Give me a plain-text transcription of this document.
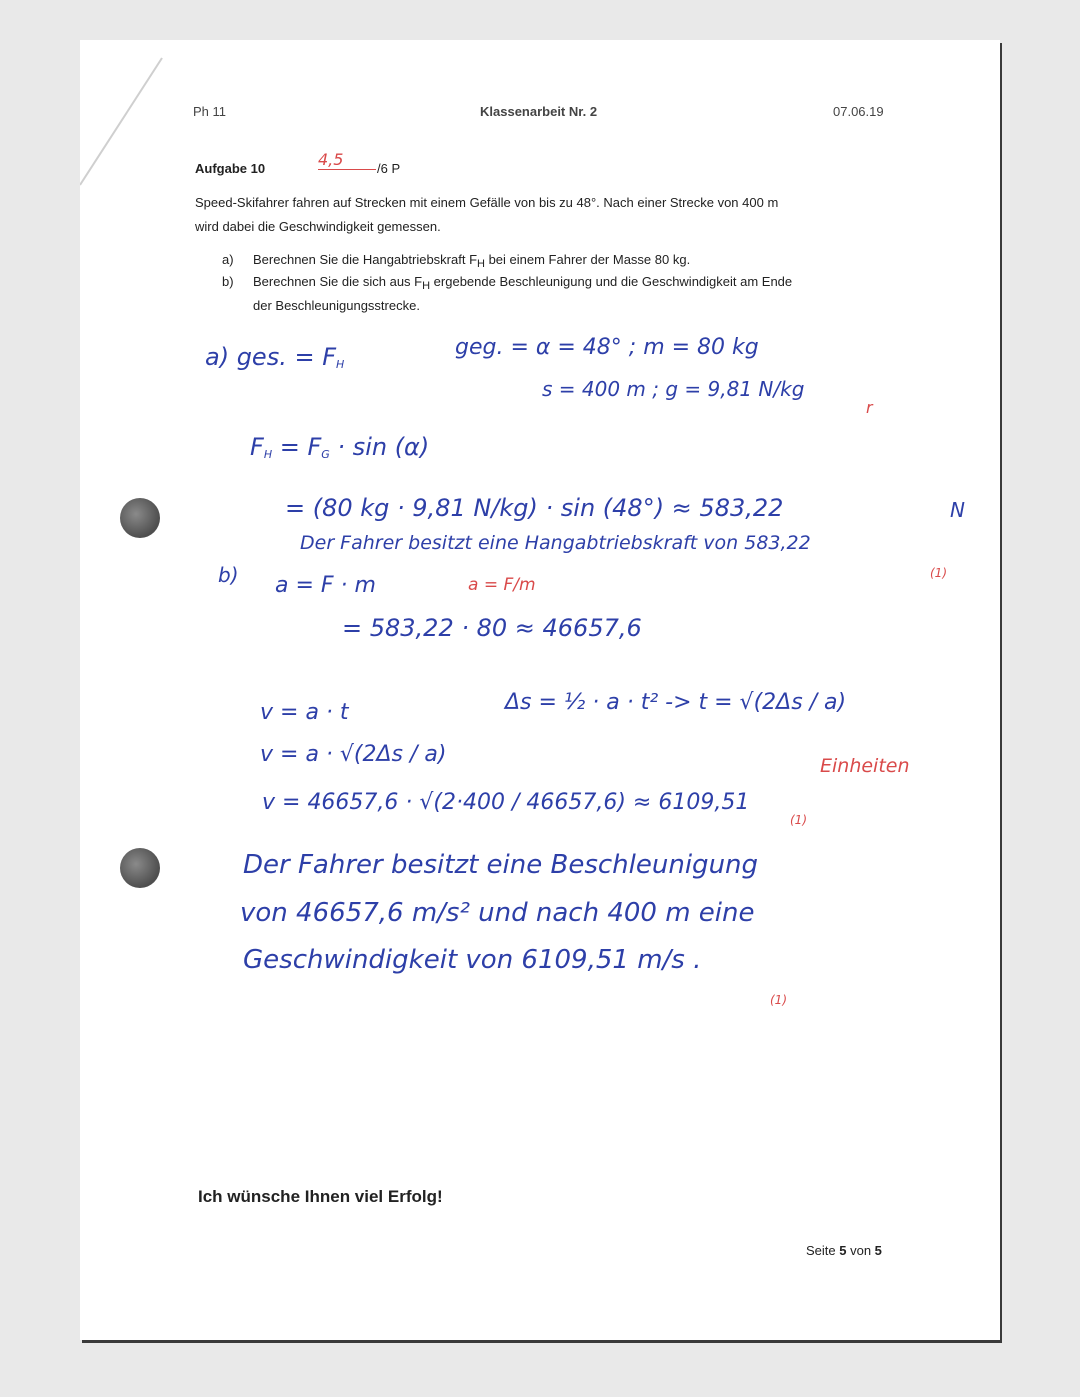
Ph 11	Klassenarbeit Nr. 2	07.06.19
Aufgabe 10	4,5	/6 P
Speed-Skifahrer fahren auf Strecken mit einem Gefälle von bis zu 48°. Nach einer Strecke von 400 m
wird dabei die Geschwindigkeit gemessen.
a) Berechnen Sie die Hangabtriebskraft $F_H$ bei einem Fahrer der Masse 80 kg.
b) Berechnen Sie die sich aus $F_H$ ergebende Beschleunigung und die Geschwindigkeit am Ende
der Beschleunigungsstrecke.
a) ges. = $F_H$
geg. = α = 48° ; m = 80 kg
s = 400 m ; g = 9,81 N/kg
r
$F_H = F_G \cdot \sin (\alpha)$
= (80 kg · 9,81 N/kg) · sin (48°) ≈ 583,22	N
Der Fahrer besitzt eine Hangabtriebskraft von 583,22
(1)
b) a = F · m	a = F/m
= 583,22 · 80 ≈ 46657,6
v = a · t	Δs = ½ · a · t² -> t = √(2Δs / a)
v = a · √(2Δs / a)	Einheiten
v = 46657,6 · √(2·400 / 46657,6) ≈ 6109,51
(1)
Der Fahrer besitzt eine Beschleunigung
von 46657,6 m/s² und nach 400 m eine
Geschwindigkeit von 6109,51 m/s .
(1)
Ich wünsche Ihnen viel Erfolg!
Seite 5 von 5
